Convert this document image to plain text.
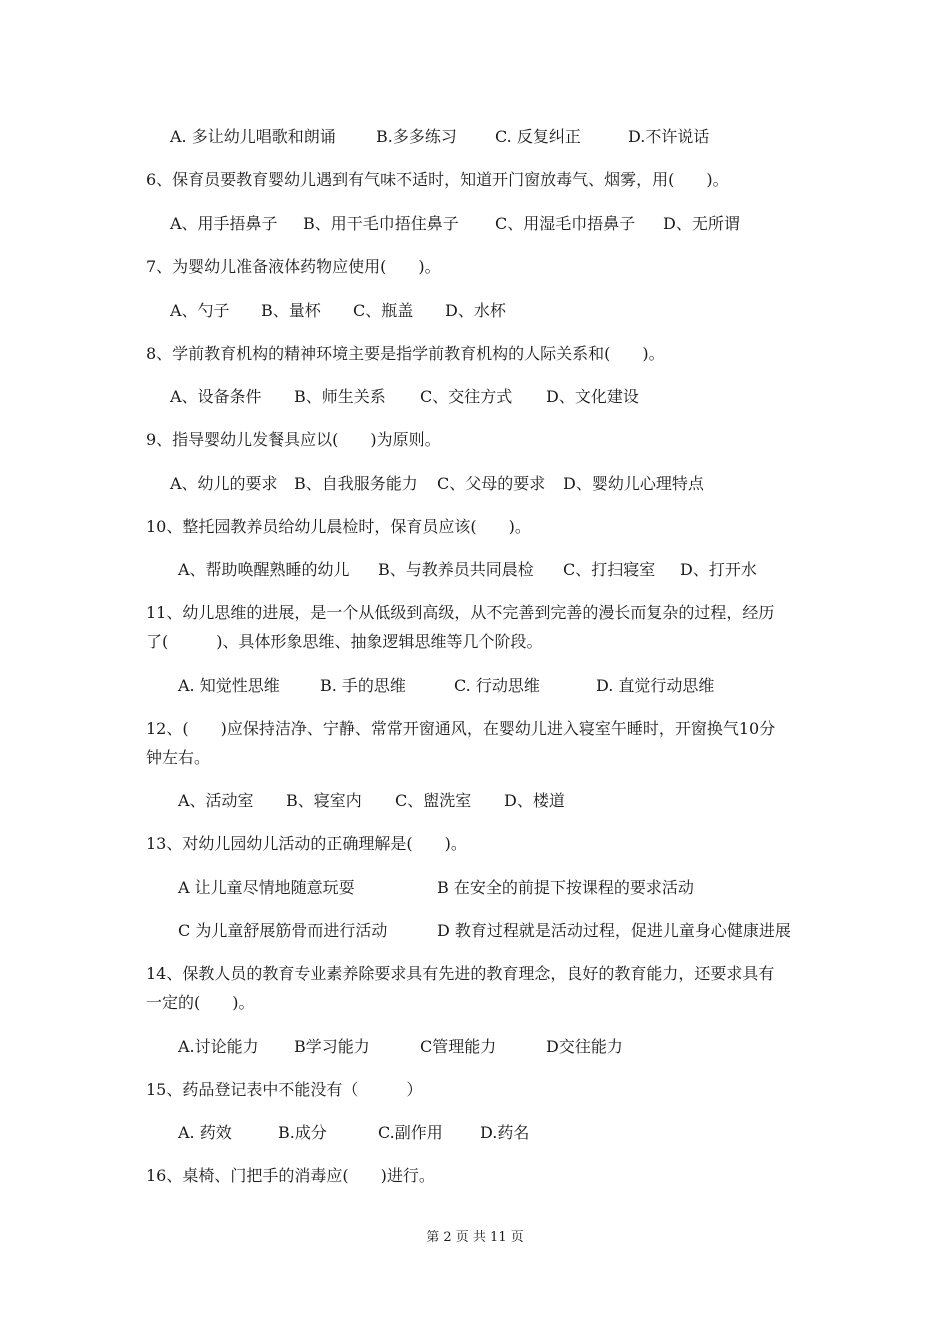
A. 多让幼儿唱歌和朗诵	B.多多练习 C. 反复纠正	D.不许说话
6、保育员要教育婴幼儿遇到有气味不适时，知道开门窗放毒气、烟雾，用(　　)。
A、用手捂鼻子 B、用干毛巾捂住鼻子 C、用湿毛巾捂鼻子 D、无所谓
7、为婴幼儿准备液体药物应使用(　　)。
A、勺子 B、量杯 C、瓶盖 D、水杯
8、学前教育机构的精神环境主要是指学前教育机构的人际关系和(　　)。
A、设备条件 B、师生关系 C、交往方式 D、文化建设
9、指导婴幼儿发餐具应以(　　)为原则。
A、幼儿的要求 B、自我服务能力 C、父母的要求 D、婴幼儿心理特点
10、整托园教养员给幼儿晨检时，保育员应该(　　)。
A、帮助唤醒熟睡的幼儿 B、与教养员共同晨检 C、打扫寝室 D、打开水
11、幼儿思维的进展，是一个从低级到高级，从不完善到完善的漫长而复杂的过程，经历
了(　　　)、具体形象思维、抽象逻辑思维等几个阶段。
A. 知觉性思维	B. 手的思维	C. 行动思维	D. 直觉行动思维
12、(　　)应保持洁净、宁静、常常开窗通风，在婴幼儿进入寝室午睡时，开窗换气10分
钟左右。
A、活动室 B、寝室内 C、盥洗室 D、楼道
13、对幼儿园幼儿活动的正确理解是(　　)。
A 让儿童尽情地随意玩耍	B 在安全的前提下按课程的要求活动
C 为儿童舒展筋骨而进行活动	D 教育过程就是活动过程，促进儿童身心健康进展
14、保教人员的教育专业素养除要求具有先进的教育理念，良好的教育能力，还要求具有
一定的(　　)。
A.讨论能力 B学习能力	C管理能力	D交往能力
15、药品登记表中不能没有（　　　）
A. 药效	B.成分	C.副作用 D.药名
16、桌椅、门把手的消毒应(　　)进行。
第 2 页 共 11 页
